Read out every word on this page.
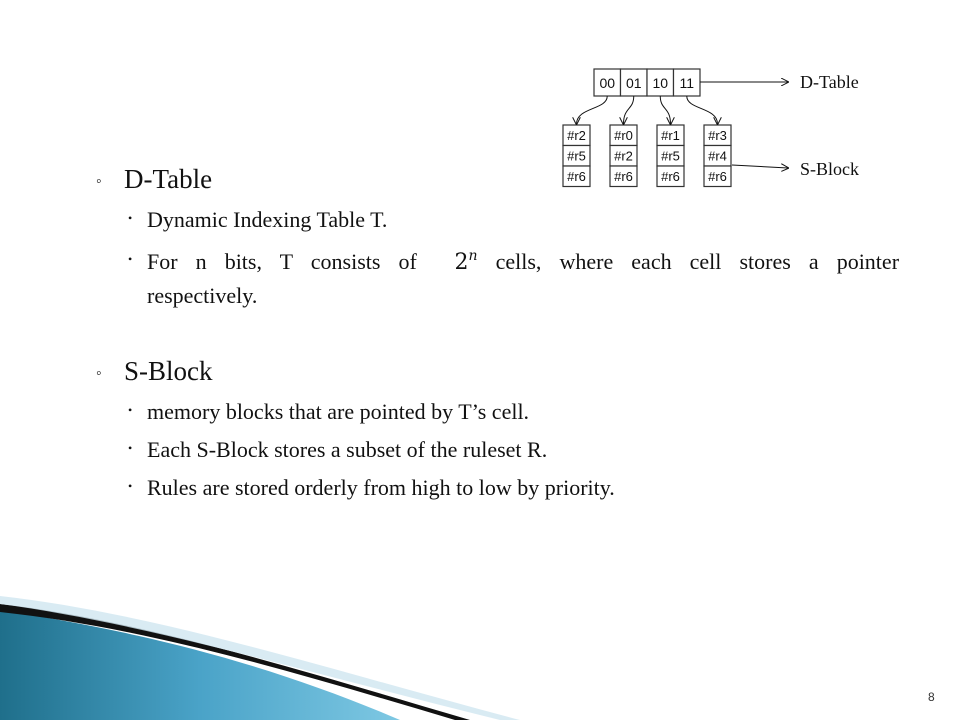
00 01 10 11
#r2
#r5
#r6
#r0
#r2
#r6
#r1
#r5
#r6
#r3
#r4
#r6
D-Table
S-Block
◦ D-Table
• Dynamic Indexing Table T.
• For n bits, T consists of 2$^n$ cells, where each cell stores a pointer
respectively.
◦ S-Block
• memory blocks that are pointed by T’s cell.
• Each S-Block stores a subset of the ruleset R.
• Rules are stored orderly from high to low by priority.
8
